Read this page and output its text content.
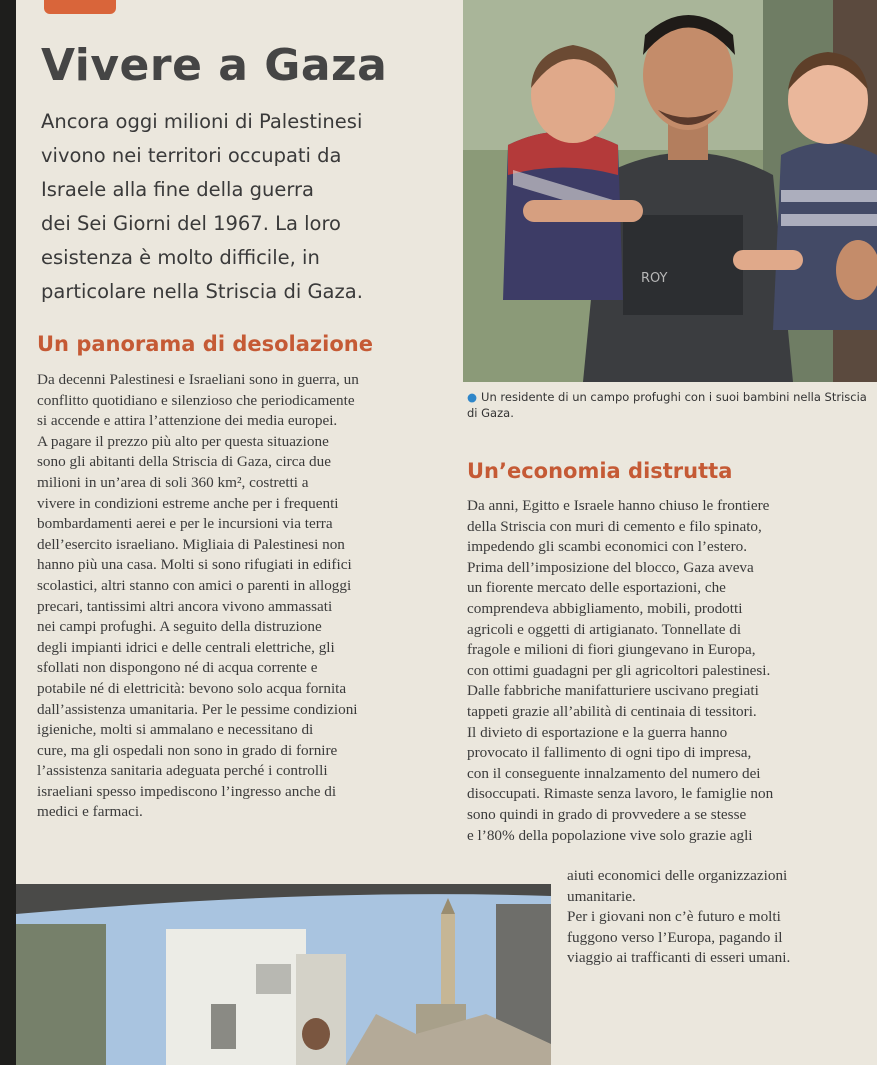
Vivere a Gaza
Ancora oggi milioni di Palestinesi
vivono nei territori occupati da
Israele alla fine della guerra
dei Sei Giorni del 1967. La loro
esistenza è molto difficile, in
particolare nella Striscia di Gaza.
Un panorama di desolazione
Da decenni Palestinesi e Israeliani sono in guerra, un
conflitto quotidiano e silenzioso che periodicamente
si accende e attira l’attenzione dei media europei.
A pagare il prezzo più alto per questa situazione
sono gli abitanti della Striscia di Gaza, circa due
milioni in un’area di soli 360 km², costretti a
vivere in condizioni estreme anche per i frequenti
bombardamenti aerei e per le incursioni via terra
dell’esercito israeliano. Migliaia di Palestinesi non
hanno più una casa. Molti si sono rifugiati in edifici
scolastici, altri stanno con amici o parenti in alloggi
precari, tantissimi altri ancora vivono ammassati
nei campi profughi. A seguito della distruzione
degli impianti idrici e delle centrali elettriche, gli
sfollati non dispongono né di acqua corrente e
potabile né di elettricità: bevono solo acqua fornita
dall’assistenza umanitaria. Per le pessime condizioni
igieniche, molti si ammalano e necessitano di
cure, ma gli ospedali non sono in grado di fornire
l’assistenza sanitaria adeguata perché i controlli
israeliani spesso impediscono l’ingresso anche di
medici e farmaci.
ROY
● Un residente di un campo profughi con i suoi bambini nella Striscia di Gaza.
Un’economia distrutta
Da anni, Egitto e Israele hanno chiuso le frontiere
della Striscia con muri di cemento e filo spinato,
impedendo gli scambi economici con l’estero.
Prima dell’imposizione del blocco, Gaza aveva
un fiorente mercato delle esportazioni, che
comprendeva abbigliamento, mobili, prodotti
agricoli e oggetti di artigianato. Tonnellate di
fragole e milioni di fiori giungevano in Europa,
con ottimi guadagni per gli agricoltori palestinesi.
Dalle fabbriche manifatturiere uscivano pregiati
tappeti grazie all’abilità di centinaia di tessitori.
Il divieto di esportazione e la guerra hanno
provocato il fallimento di ogni tipo di impresa,
con il conseguente innalzamento del numero dei
disoccupati. Rimaste senza lavoro, le famiglie non
sono quindi in grado di provvedere a se stesse
e l’80% della popolazione vive solo grazie agli
aiuti economici delle organizzazioni
umanitarie.
Per i giovani non c’è futuro e molti
fuggono verso l’Europa, pagando il
viaggio ai trafficanti di esseri umani.
